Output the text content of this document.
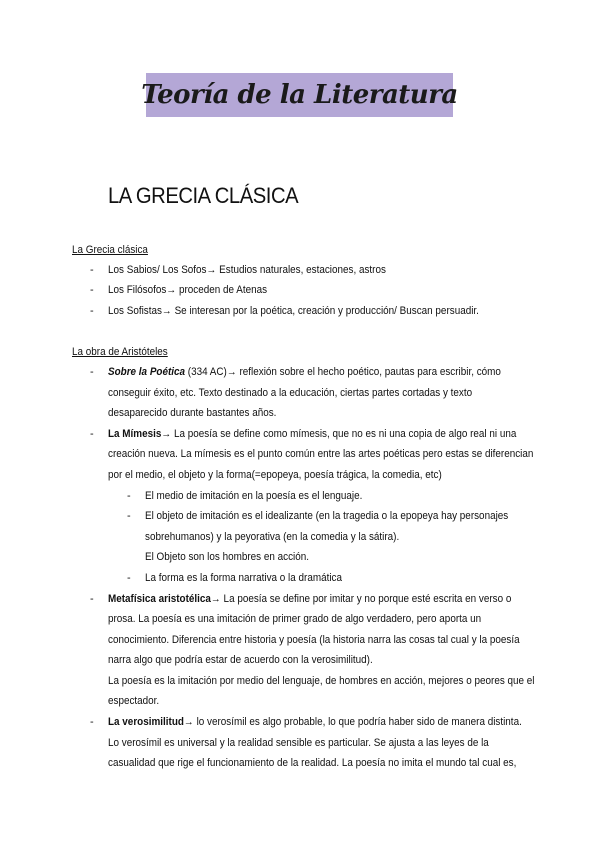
Teoría de la Literatura
LA GRECIA CLÁSICA
La Grecia clásica
- Los Sabios/ Los Sofos→ Estudios naturales, estaciones, astros
- Los Filósofos→ proceden de Atenas
- Los Sofistas→ Se interesan por la poética, creación y producción/ Buscan persuadir.
La obra de Aristóteles
- Sobre la Poética (334 AC)→ reflexión sobre el hecho poético, pautas para escribir, cómo
conseguir éxito, etc. Texto destinado a la educación, ciertas partes cortadas y texto
desaparecido durante bastantes años.
- La Mímesis→ La poesía se define como mímesis, que no es ni una copia de algo real ni una
creación nueva. La mímesis es el punto común entre las artes poéticas pero estas se diferencian
por el medio, el objeto y la forma(=epopeya, poesía trágica, la comedia, etc)
- El medio de imitación en la poesía es el lenguaje.
- El objeto de imitación es el idealizante (en la tragedia o la epopeya hay personajes
sobrehumanos) y la peyorativa (en la comedia y la sátira).
El Objeto son los hombres en acción.
- La forma es la forma narrativa o la dramática
- Metafísica aristotélica→ La poesía se define por imitar y no porque esté escrita en verso o
prosa. La poesía es una imitación de primer grado de algo verdadero, pero aporta un
conocimiento. Diferencia entre historia y poesía (la historia narra las cosas tal cual y la poesía
narra algo que podría estar de acuerdo con la verosimilitud).
La poesía es la imitación por medio del lenguaje, de hombres en acción, mejores o peores que el
espectador.
- La verosimilitud→ lo verosímil es algo probable, lo que podría haber sido de manera distinta.
Lo verosímil es universal y la realidad sensible es particular. Se ajusta a las leyes de la
casualidad que rige el funcionamiento de la realidad. La poesía no imita el mundo tal cual es,
